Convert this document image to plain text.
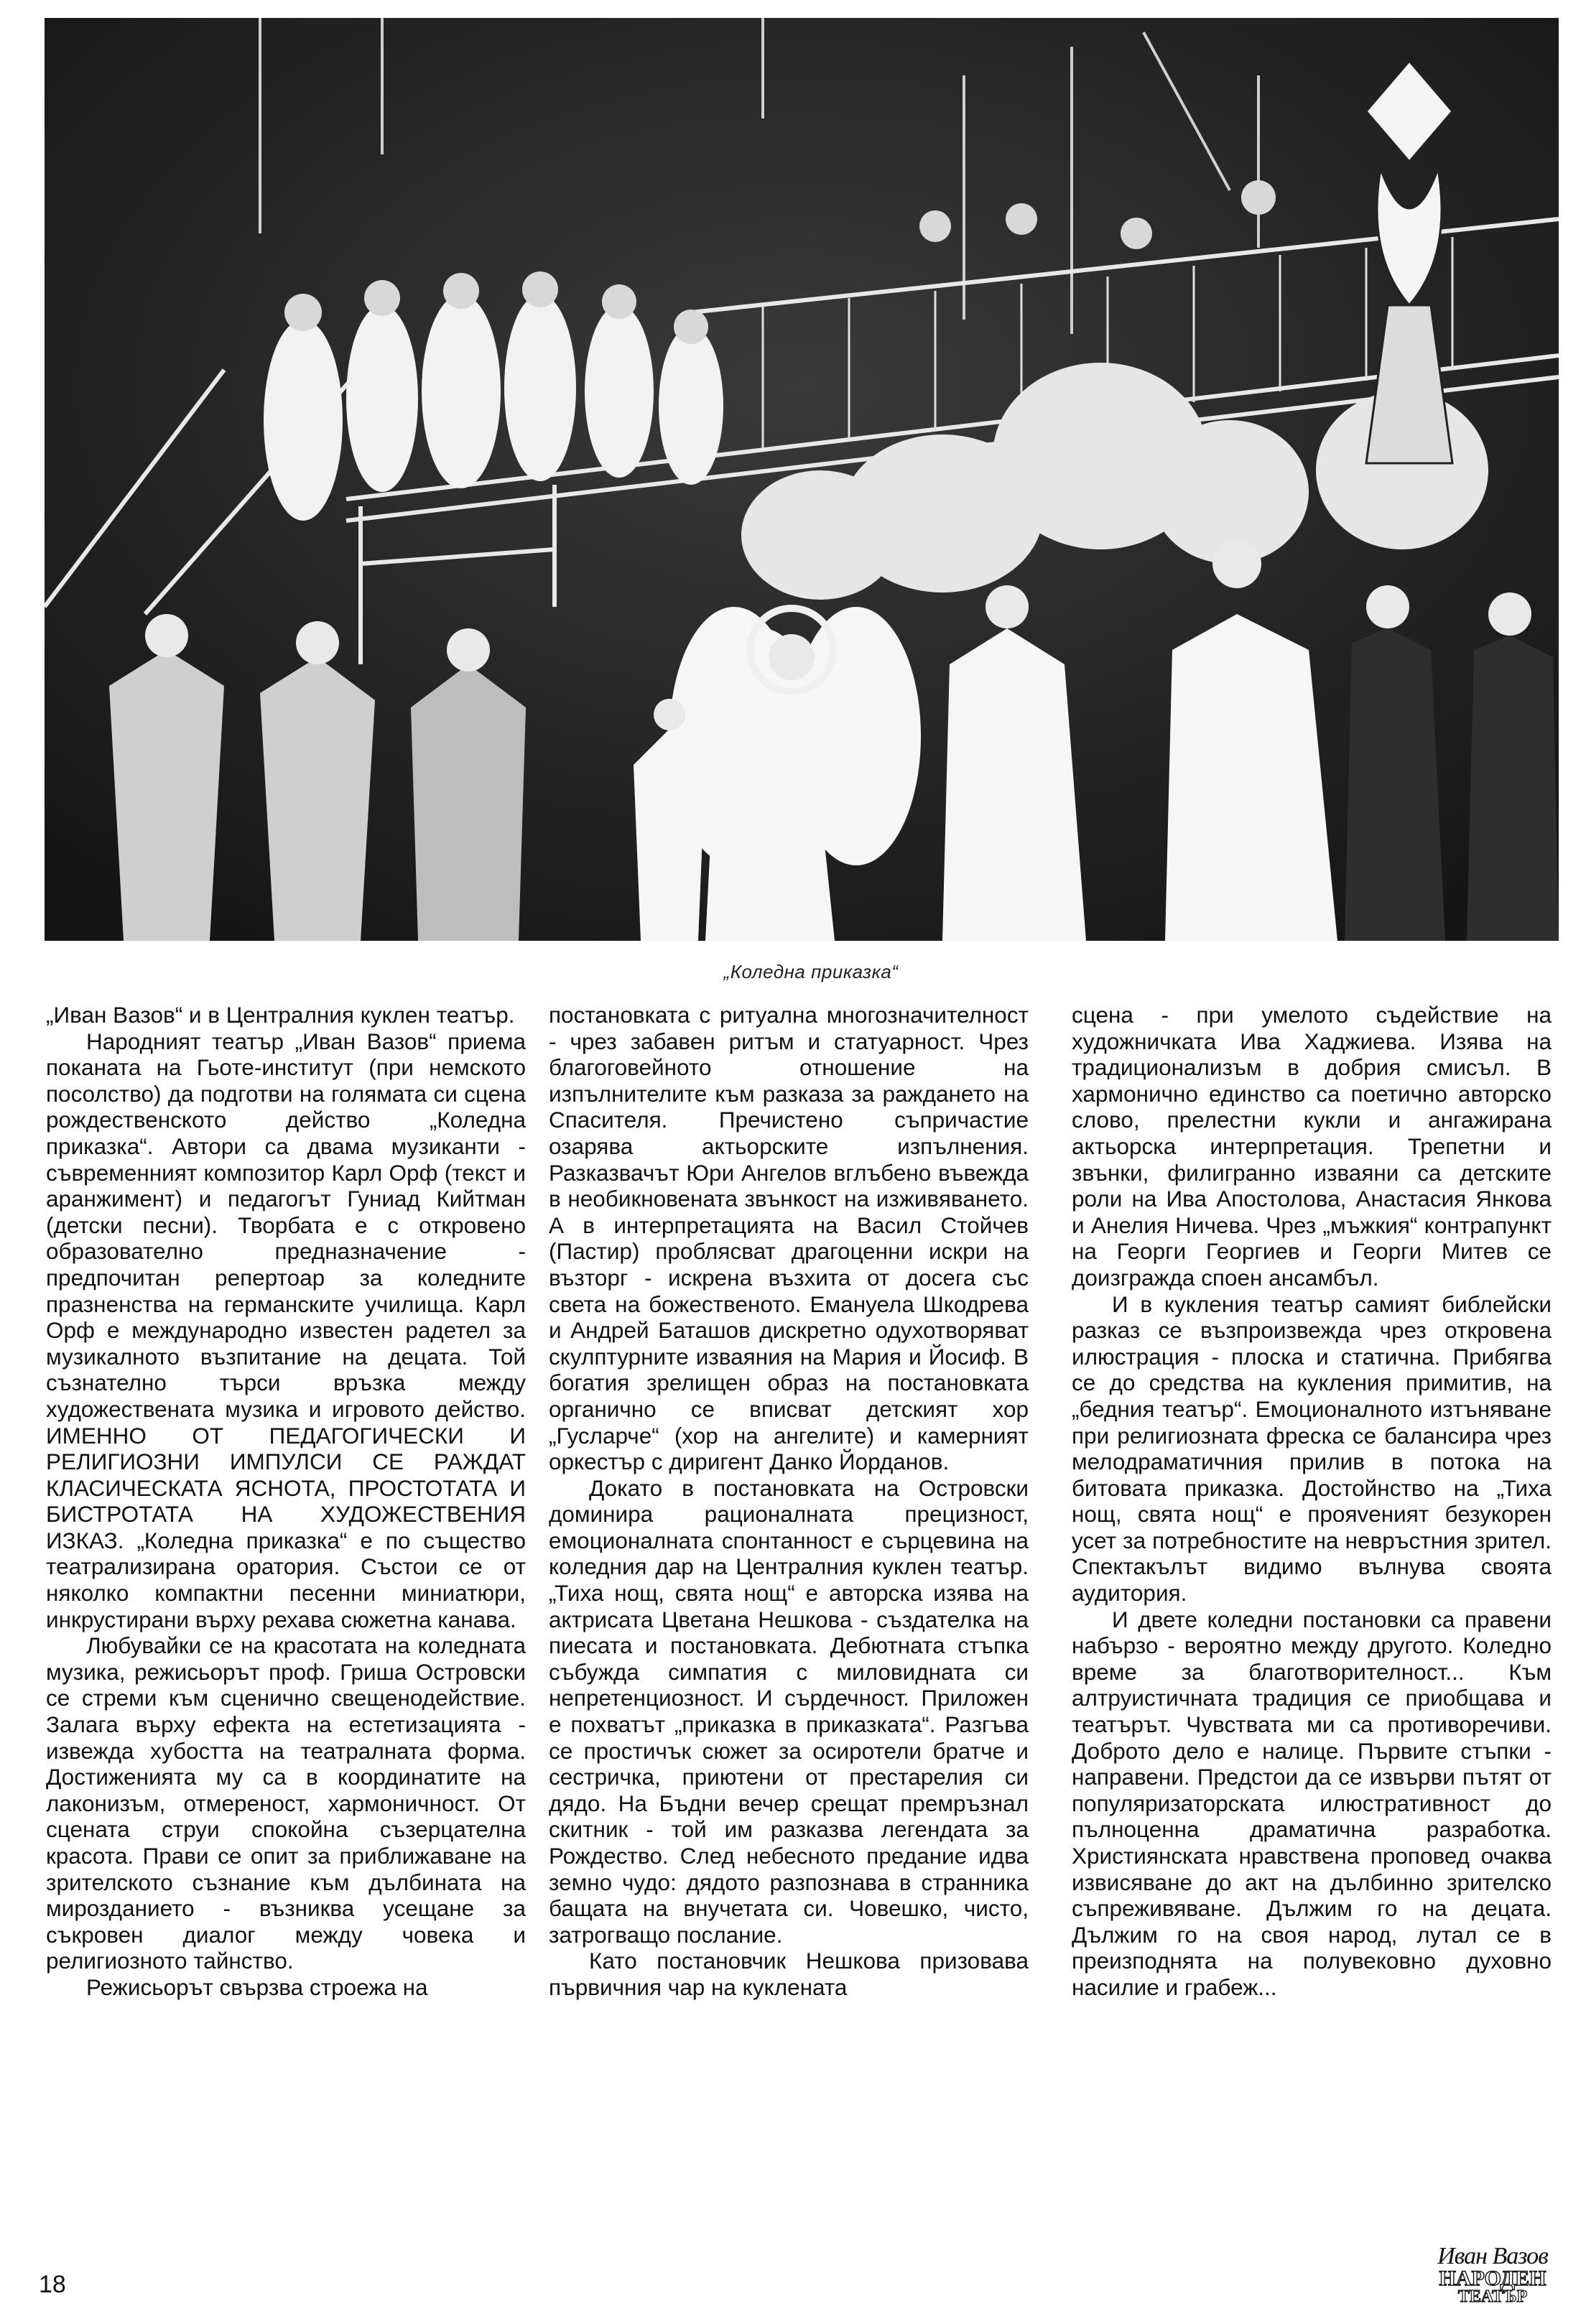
„Коледна приказка“

„Иван Вазов“ и в Централния куклен театър.

Народният театър „Иван Вазов“ приема поканата на Гьоте-институт (при немското посолство) да подготви на голямата си сцена рождественското действо „Коледна приказка“. Автори са двама музиканти - съвременният композитор Карл Орф (текст и аранжимент) и педагогът Гуниад Кийтман (детски песни). Творбата е с откровено образователно предназначение - предпочитан репертоар за коледните празненства на германските училища. Карл Орф е международно известен радетел за музикалното възпитание на децата. Той съзнателно търси връзка между художествената музика и игровото действо. ИМЕННО ОТ ПЕДАГОГИЧЕСКИ И РЕЛИГИОЗНИ ИМПУЛСИ СЕ РАЖДАТ КЛАСИЧЕСКАТА ЯСНОТА, ПРОСТОТАТА И БИСТРОТАТА НА ХУДОЖЕСТВЕНИЯ ИЗКАЗ. „Коледна приказка“ е по същество театрализирана оратория. Състои се от няколко компактни песенни миниатюри, инкрустирани върху рехава сюжетна канава.

Любувайки се на красотата на коледната музика, режисьорът проф. Гриша Островски се стреми към сценично свещенодействие. Залага върху ефекта на естетизацията - извежда хубостта на театралната форма. Достиженията му са в координатите на лаконизъм, отмереност, хармоничност. От сцената струи спокойна съзерцателна красота. Прави се опит за приближаване на зрителското съзнание към дълбината на мирозданието - възниква усещане за съкровен диалог между човека и религиозното тайнство.

Режисьорът свързва строежа на

постановката с ритуална многозначителност - чрез забавен ритъм и статуарност. Чрез благоговейното отношение на изпълнителите към разказа за раждането на Спасителя. Пречистено съпричастие озарява актьорските изпълнения. Разказвачът Юри Ангелов вглъбено въвежда в необикновената звънкост на изживяването. А в интерпретацията на Васил Стойчев (Пастир) проблясват драгоценни искри на възторг - искрена възхита от досега със света на божественото. Емануела Шкодрева и Андрей Баташов дискретно одухотворяват скулптурните изваяния на Мария и Йосиф. В богатия зрелищен образ на постановката органично се вписват детският хор „Гусларче“ (хор на ангелите) и камерният оркестър с диригент Данко Йорданов.

Докато в постановката на Островски доминира рационалната прецизност, емоционалната спонтанност е сърцевина на коледния дар на Централния куклен театър. „Тиха нощ, свята нощ“ е авторска изява на актрисата Цветана Нешкова - създателка на пиесата и постановката. Дебютната стъпка събужда симпатия с миловидната си непретенциозност. И сърдечност. Приложен е похватът „приказка в приказката“. Разгъва се простичък сюжет за осиротели братче и сестричка, приютени от престарелия си дядо. На Бъдни вечер срещат премръзнал скитник - той им разказва легендата за Рождество. След небесното предание идва земно чудо: дядото разпознава в странника бащата на внучетата си. Човешко, чисто, затрогващо послание.

Като постановчик Нешкова призовава първичния чар на куклената

сцена - при умелото съдействие на художничката Ива Хаджиева. Изява на традиционализъм в добрия смисъл. В хармонично единство са поетично авторско слово, прелестни кукли и ангажирана актьорска интерпретация. Трепетни и звънки, филигранно изваяни са детските роли на Ива Апостолова, Анастасия Янкова и Анелия Ничева. Чрез „мъжкия“ контрапункт на Георги Георгиев и Георги Митев се доизгражда споен ансамбъл.

И в кукления театър самият библейски разказ се възпроизвежда чрез откровена илюстрация - плоска и статична. Прибягва се до средства на кукления примитив, на „бедния театър“. Емоционалното изтъняване при религиозната фреска се балансира чрез мелодраматичния прилив в потока на битовата приказка. Достойнство на „Тиха нощ, свята нощ“ е прояveният безукорен усет за потребностите на невръстния зрител. Спектакълът видимо вълнува своята аудитория.

И двете коледни постановки са правени набързо - вероятно между другото. Коледно време за благотворителност... Към алтруистичната традиция се приобщава и театърът. Чувствата ми са противоречиви. Доброто дело е налице. Първите стъпки - направени. Предстои да се извърви пътят от популяризаторската илюстративност до пълноценна драматична разработка. Християнската нравствена проповед очаква извисяване до акт на дълбинно зрителско съпреживяване. Дължим го на децата. Дължим го на своя народ, лутал се в преизподнята на полувековно духовно насилие и грабеж...

18
Иван Вазов
НАРОДЕН
ТЕАТЪР
